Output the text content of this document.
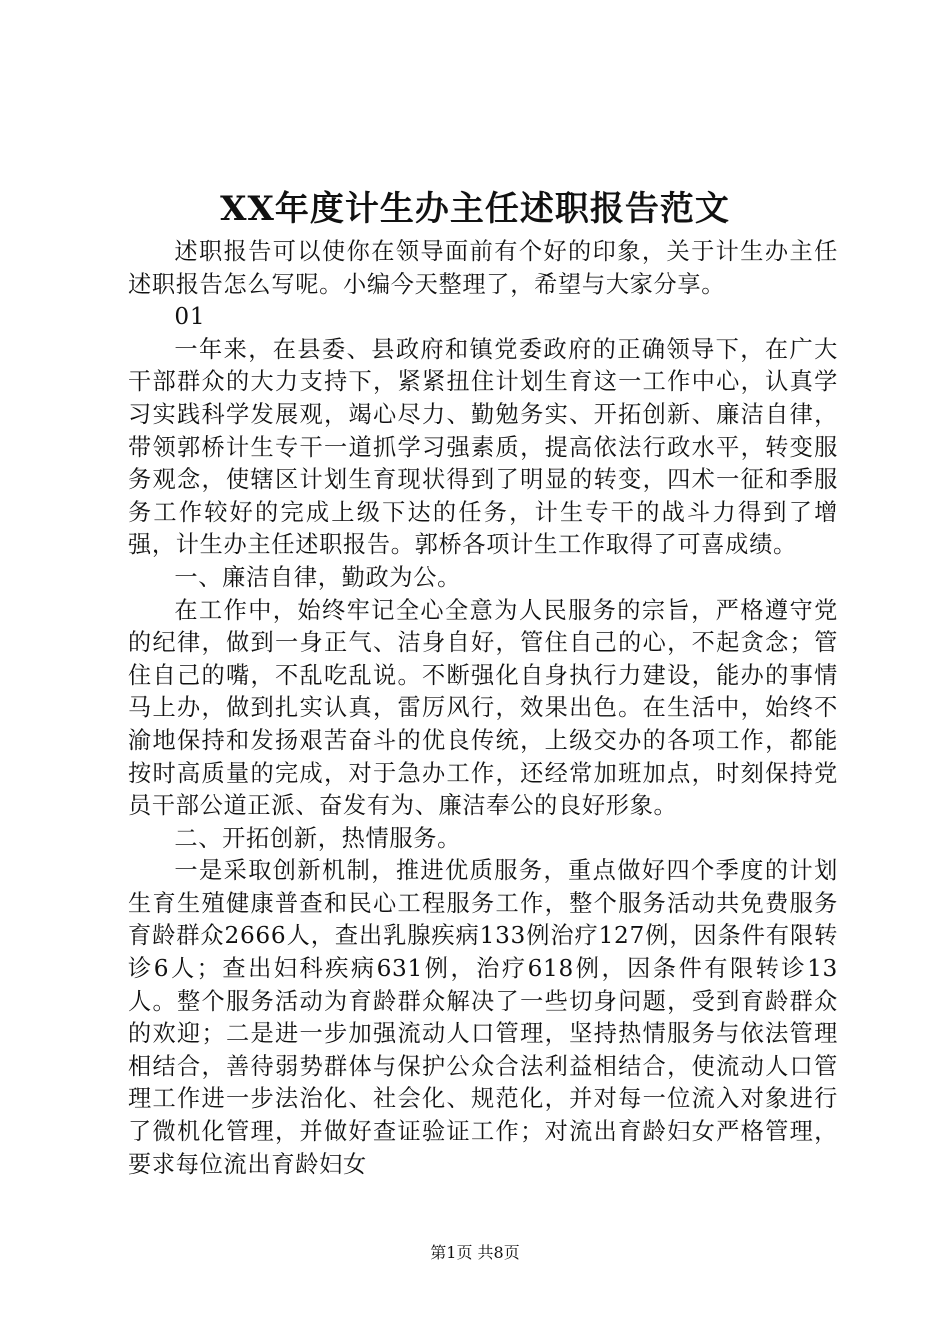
XX年度计生办主任述职报告范文

述职报告可以使你在领导面前有个好的印象，关于计生办主任述职报告怎么写呢。小编今天整理了，希望与大家分享。

01

一年来，在县委、县政府和镇党委政府的正确领导下，在广大干部群众的大力支持下，紧紧扭住计划生育这一工作中心，认真学习实践科学发展观，竭心尽力、勤勉务实、开拓创新、廉洁自律，带领郭桥计生专干一道抓学习强素质，提高依法行政水平，转变服务观念，使辖区计划生育现状得到了明显的转变，四术一征和季服务工作较好的完成上级下达的任务，计生专干的战斗力得到了增强，计生办主任述职报告。郭桥各项计生工作取得了可喜成绩。

一、廉洁自律，勤政为公。

在工作中，始终牢记全心全意为人民服务的宗旨，严格遵守党的纪律，做到一身正气、洁身自好，管住自己的心，不起贪念；管住自己的嘴，不乱吃乱说。不断强化自身执行力建设，能办的事情马上办，做到扎实认真，雷厉风行，效果出色。在生活中，始终不渝地保持和发扬艰苦奋斗的优良传统，上级交办的各项工作，都能按时高质量的完成，对于急办工作，还经常加班加点，时刻保持党员干部公道正派、奋发有为、廉洁奉公的良好形象。

二、开拓创新，热情服务。

一是采取创新机制，推进优质服务，重点做好四个季度的计划生育生殖健康普查和民心工程服务工作，整个服务活动共免费服务育龄群众2666人，查出乳腺疾病133例治疗127例，因条件有限转诊6人；查出妇科疾病631例，治疗618例，因条件有限转诊13人。整个服务活动为育龄群众解决了一些切身问题，受到育龄群众的欢迎；二是进一步加强流动人口管理，坚持热情服务与依法管理相结合，善待弱势群体与保护公众合法利益相结合，使流动人口管理工作进一步法治化、社会化、规范化，并对每一位流入对象进行了微机化管理，并做好查证验证工作；对流出育龄妇女严格管理，要求每位流出育龄妇女

第1页 共8页
